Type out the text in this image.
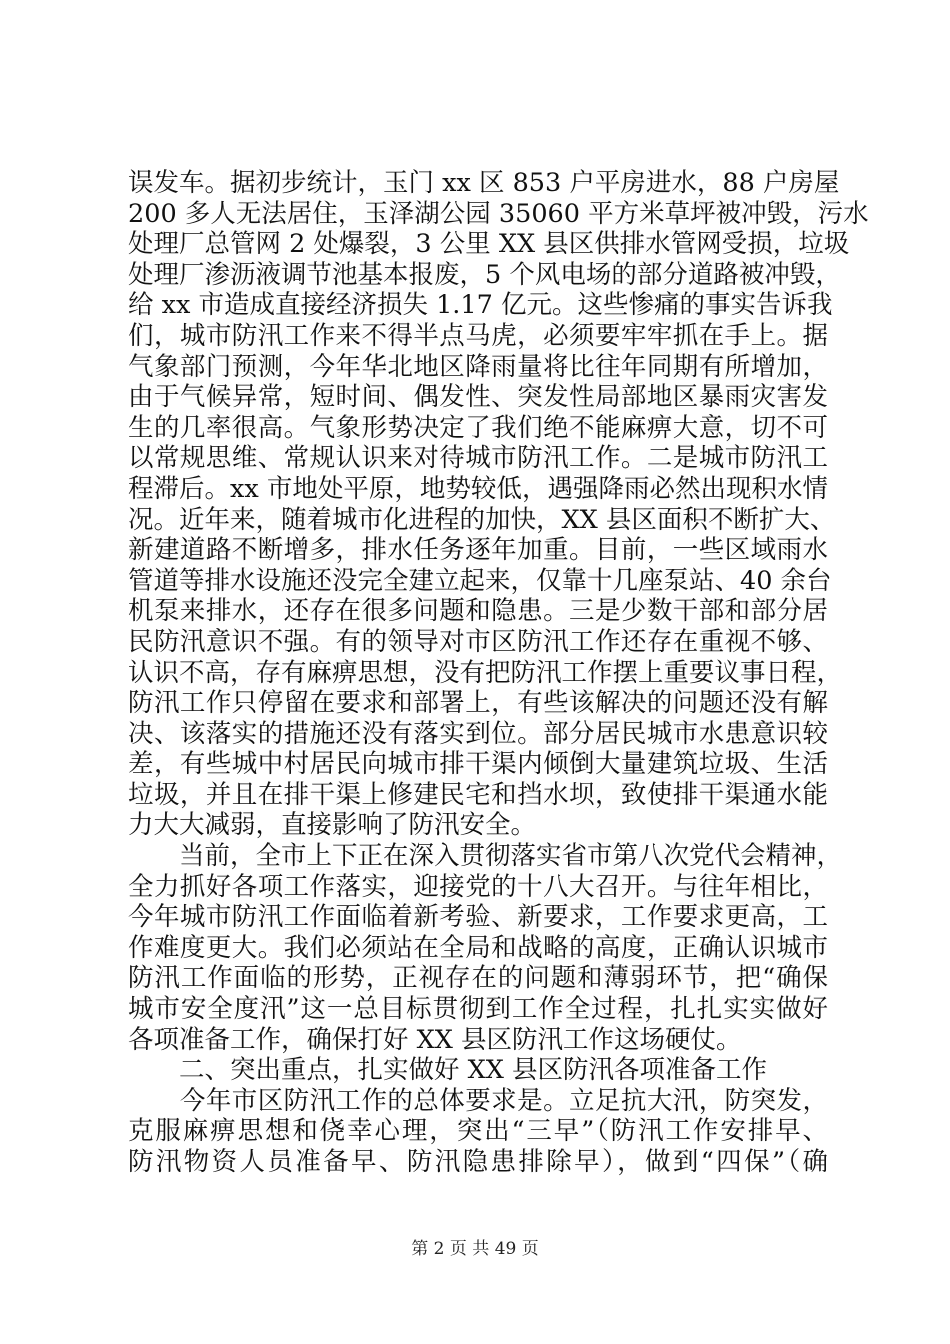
误发车。据初步统计，玉门 xx 区 853 户平房进水，88 户房屋
200 多人无法居住，玉泽湖公园 35060 平方米草坪被冲毁，污水
处理厂总管网 2 处爆裂，3 公里 XX 县区供排水管网受损，垃圾
处理厂渗沥液调节池基本报废，5 个风电场的部分道路被冲毁，
给 xx 市造成直接经济损失 1.17 亿元。这些惨痛的事实告诉我
们，城市防汛工作来不得半点马虎，必须要牢牢抓在手上。据
气象部门预测，今年华北地区降雨量将比往年同期有所增加，
由于气候异常，短时间、偶发性、突发性局部地区暴雨灾害发
生的几率很高。气象形势决定了我们绝不能麻痹大意，切不可
以常规思维、常规认识来对待城市防汛工作。二是城市防汛工
程滞后。xx 市地处平原，地势较低，遇强降雨必然出现积水情
况。近年来，随着城市化进程的加快，XX 县区面积不断扩大、
新建道路不断增多，排水任务逐年加重。目前，一些区域雨水
管道等排水设施还没完全建立起来，仅靠十几座泵站、40 余台
机泵来排水，还存在很多问题和隐患。三是少数干部和部分居
民防汛意识不强。有的领导对市区防汛工作还存在重视不够、
认识不高，存有麻痹思想，没有把防汛工作摆上重要议事日程，
防汛工作只停留在要求和部署上，有些该解决的问题还没有解
决、该落实的措施还没有落实到位。部分居民城市水患意识较
差，有些城中村居民向城市排干渠内倾倒大量建筑垃圾、生活
垃圾，并且在排干渠上修建民宅和挡水坝，致使排干渠通水能
力大大减弱，直接影响了防汛安全。
　　当前，全市上下正在深入贯彻落实省市第八次党代会精神，
全力抓好各项工作落实，迎接党的十八大召开。与往年相比，
今年城市防汛工作面临着新考验、新要求，工作要求更高，工
作难度更大。我们必须站在全局和战略的高度，正确认识城市
防汛工作面临的形势，正视存在的问题和薄弱环节，把“确保
城市安全度汛”这一总目标贯彻到工作全过程，扎扎实实做好
各项准备工作，确保打好 XX 县区防汛工作这场硬仗。
　　二、突出重点，扎实做好 XX 县区防汛各项准备工作
　　今年市区防汛工作的总体要求是。立足抗大汛，防突发，
克服麻痹思想和侥幸心理，突出“三早”（防汛工作安排早、
防汛物资人员准备早、防汛隐患排除早），做到“四保”（确
第 2 页 共 49 页
